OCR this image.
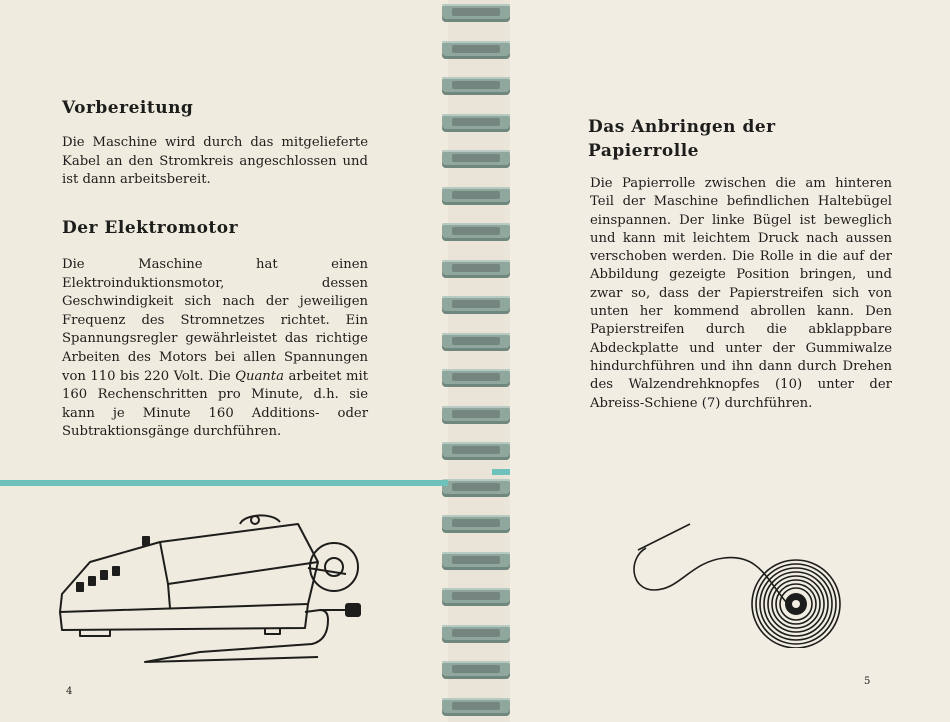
Vorbereitung

Die Maschine wird durch das mitgelieferte Kabel an den Stromkreis angeschlossen und ist dann arbeitsbereit.

Der Elektromotor

Die Maschine hat einen Elektroinduktionsmotor, dessen Geschwindigkeit sich nach der jeweiligen Frequenz des Stromnetzes richtet. Ein Spannungsregler gewährleistet das richtige Arbeiten des Motors bei allen Spannungen von 110 bis 220 Volt. Die Quanta arbeitet mit 160 Rechenschritten pro Minute, d.h. sie kann je Minute 160 Additions- oder Subtraktionsgänge durchführen.

4
Das Anbringen der Papierrolle

Die Papierrolle zwischen die am hinteren Teil der Maschine befindlichen Haltebügel einspannen. Der linke Bügel ist beweglich und kann mit leichtem Druck nach aussen verschoben werden. Die Rolle in die auf der Abbildung gezeigte Position bringen, und zwar so, dass der Papierstreifen sich von unten her kommend abrollen kann. Den Papierstreifen durch die abklappbare Abdeckplatte und unter der Gummiwalze hindurchführen und ihn dann durch Drehen des Walzendrehknopfes (10) unter der Abreiss-Schiene (7) durchführen.

5
